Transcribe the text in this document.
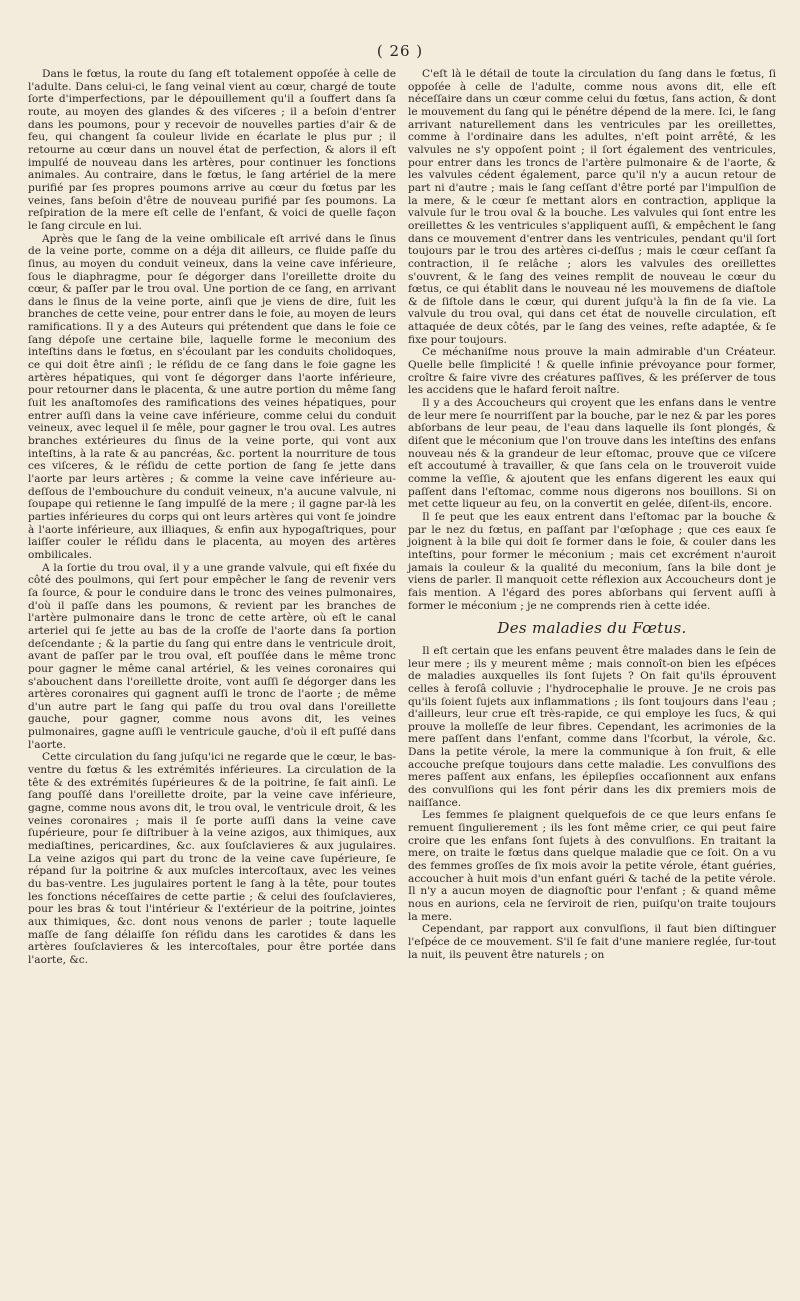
( 26 )

Dans le fœtus, la route du ſang eſt totalement oppoſée à celle de l'adulte. Dans celui-ci, le ſang veinal vient au cœur, chargé de toute ſorte d'imperfections, par le dépouillement qu'il a ſouffert dans ſa route, au moyen des glandes & des viſceres ; il a beſoin d'entrer dans les poumons, pour y recevoir de nouvelles parties d'air & de feu, qui changent ſa couleur livide en écarlate le plus pur ; il retourne au cœur dans un nouvel état de perfection, & alors il eſt impulſé de nouveau dans les artères, pour continuer les fonctions animales. Au contraire, dans le fœtus, le ſang artériel de la mere purifié par ſes propres poumons arrive au cœur du fœtus par les veines, ſans beſoin d'être de nouveau purifié par ſes poumons. La reſpiration de la mere eſt celle de l'enfant, & voici de quelle façon le ſang circule en lui.

Après que le ſang de la veine ombilicale eſt arrivé dans le ſinus de la veine porte, comme on a déja dit ailleurs, ce fluide paſſe du ſinus, au moyen du conduit veineux, dans la veine cave inférieure, ſous le diaphragme, pour ſe dégorger dans l'oreillette droite du cœur, & paſſer par le trou oval. Une portion de ce ſang, en arrivant dans le ſinus de la veine porte, ainſi que je viens de dire, ſuit les branches de cette veine, pour entrer dans le foie, au moyen de leurs ramifications. Il y a des Auteurs qui prétendent que dans le foie ce ſang dépoſe une certaine bile, laquelle forme le meconium des inteſtins dans le fœtus, en s'écoulant par les conduits cholidoques, ce qui doit être ainſi ; le réſidu de ce ſang dans le foie gagne les artères hépatiques, qui vont ſe dégorger dans l'aorte inférieure, pour retourner dans le placenta, & une autre portion du même ſang ſuit les anaſtomoſes des ramifications des veines hépatiques, pour entrer auſſi dans la veine cave inférieure, comme celui du conduit veineux, avec lequel il ſe mêle, pour gagner le trou oval. Les autres branches extérieures du ſinus de la veine porte, qui vont aux inteſtins, à la rate & au pancréas, &c. portent la nourriture de tous ces viſceres, & le réſidu de cette portion de ſang ſe jette dans l'aorte par leurs artères ; & comme la veine cave inférieure au-deſſous de l'embouchure du conduit veineux, n'a aucune valvule, ni ſoupape qui retienne le ſang impulſé de la mere ; il gagne par-là les parties inférieures du corps qui ont leurs artères qui vont ſe joindre à l'aorte inférieure, aux illiaques, & enfin aux hypogaſtriques, pour laiſſer couler le réſidu dans le placenta, au moyen des artères ombilicales.

A la ſortie du trou oval, il y a une grande valvule, qui eſt fixée du côté des poulmons, qui ſert pour empêcher le ſang de revenir vers ſa ſource, & pour le conduire dans le tronc des veines pulmonaires, d'où il paſſe dans les poumons, & revient par les branches de l'artère pulmonaire dans le tronc de cette artère, où eſt le canal arteriel qui ſe jette au bas de la croſſe de l'aorte dans ſa portion deſcendante ; & la partie du ſang qui entre dans le ventricule droit, avant de paſſer par le trou oval, eſt pouſſée dans le même tronc pour gagner le même canal artériel, & les veines coronaires qui s'abouchent dans l'oreillette droite, vont auſſi ſe dégorger dans les artères coronaires qui gagnent auſſi le tronc de l'aorte ; de même d'un autre part le ſang qui paſſe du trou oval dans l'oreillette gauche, pour gagner, comme nous avons dit, les veines pulmonaires, gagne auſſi le ventricule gauche, d'où il eſt puſſé dans l'aorte.

Cette circulation du ſang juſqu'ici ne regarde que le cœur, le bas-ventre du fœtus & les extrémités inférieures. La circulation de la tête & des extrémités ſupérieures & de la poitrine, ſe fait ainſi. Le ſang pouſſé dans l'oreillette droite, par la veine cave inférieure, gagne, comme nous avons dit, le trou oval, le ventricule droit, & les veines coronaires ; mais il ſe porte auſſi dans la veine cave ſupérieure, pour ſe diſtribuer à la veine azigos, aux thimiques, aux mediaſtines, pericardines, &c. aux ſouſclavieres & aux jugulaires. La veine azigos qui part du tronc de la veine cave ſupérieure, ſe répand ſur la poitrine & aux muſcles intercoſtaux, avec les veines du bas-ventre. Les jugulaires portent le ſang à la tête, pour toutes les fonctions néceſſaires de cette partie ; & celui des ſouſclavieres, pour les bras & tout l'intérieur & l'extérieur de la poitrine, jointes aux thimiques, &c. dont nous venons de parler ; toute laquelle maſſe de ſang délaiſſe ſon réſidu dans les carotides & dans les artères ſouſclavieres & les intercoſtales, pour être portée dans l'aorte, &c.

C'eſt là le détail de toute la circulation du ſang dans le fœtus, ſi oppoſée à celle de l'adulte, comme nous avons dit, elle eſt néceſſaire dans un cœur comme celui du fœtus, ſans action, & dont le mouvement du ſang qui le pénétre dépend de la mere. Ici, le ſang arrivant naturellement dans les ventricules par les oreillettes, comme à l'ordinaire dans les adultes, n'eſt point arrêté, & les valvules ne s'y oppoſent point ; il ſort également des ventricules, pour entrer dans les troncs de l'artère pulmonaire & de l'aorte, & les valvules cédent également, parce qu'il n'y a aucun retour de part ni d'autre ; mais le ſang ceſſant d'être porté par l'impulſion de la mere, & le cœur ſe mettant alors en contraction, applique la valvule ſur le trou oval & la bouche. Les valvules qui ſont entre les oreillettes & les ventricules s'appliquent auſſi, & empêchent le ſang dans ce mouvement d'entrer dans les ventricules, pendant qu'il ſort toujours par le trou des artères ci-deſſus ; mais le cœur ceſſant ſa contraction, il ſe relâche ; alors les valvules des oreillettes s'ouvrent, & le ſang des veines remplit de nouveau le cœur du fœtus, ce qui établit dans le nouveau né les mouvemens de diaſtole & de ſiſtole dans le cœur, qui durent juſqu'à la fin de ſa vie. La valvule du trou oval, qui dans cet état de nouvelle circulation, eſt attaquée de deux côtés, par le ſang des veines, reſte adaptée, & ſe fixe pour toujours.

Ce méchaniſme nous prouve la main admirable d'un Créateur. Quelle belle ſimplicité ! & quelle infinie prévoyance pour former, croître & faire vivre des créatures paſſives, & les préſerver de tous les accidens que le hafard feroit naître.

Il y a des Accoucheurs qui croyent que les enfans dans le ventre de leur mere ſe nourriſſent par la bouche, par le nez & par les pores abſorbans de leur peau, de l'eau dans laquelle ils ſont plongés, & diſent que le méconium que l'on trouve dans les inteſtins des enfans nouveau nés & la grandeur de leur eſtomac, prouve que ce viſcere eſt accoutumé à travailler, & que ſans cela on le trouveroit vuide comme la veſſie, & ajoutent que les enfans digerent les eaux qui paſſent dans l'eſtomac, comme nous digerons nos bouillons. Si on met cette liqueur au feu, on la convertit en gelée, diſent-ils, encore.

Il ſe peut que les eaux entrent dans l'eſtomac par la bouche & par le nez du fœtus, en paſſant par l'œſophage ; que ces eaux ſe joignent à la bile qui doit ſe former dans le foie, & couler dans les inteſtins, pour former le méconium ; mais cet excrément n'auroit jamais la couleur & la qualité du meconium, ſans la bile dont je viens de parler. Il manquoit cette réflexion aux Accoucheurs dont je fais mention. A l'égard des pores abſorbans qui ſervent auſſi à former le méconium ; je ne comprends rien à cette idée.

Des maladies du Fœtus.

Il eſt certain que les enfans peuvent être malades dans le ſein de leur mere ; ils y meurent même ; mais connoît-on bien les eſpéces de maladies auxquelles ils ſont ſujets ? On fait qu'ils éprouvent celles à feroſâ colluvie ; l'hydrocephalie le prouve. Je ne crois pas qu'ils ſoient ſujets aux inflammations ; ils ſont toujours dans l'eau ; d'ailleurs, leur crue eſt très-rapide, ce qui employe les ſucs, & qui prouve la molleſſe de leur fibres. Cependant, les acrimonies de la mere paſſent dans l'enfant, comme dans l'ſcorbut, la vérole, &c. Dans la petite vérole, la mere la communique à ſon fruit, & elle accouche preſque toujours dans cette maladie. Les convulſions des meres paſſent aux enfans, les épilepſies occaſionnent aux enfans des convulſions qui les font périr dans les dix premiers mois de naiſſance.

Les femmes ſe plaignent quelquefois de ce que leurs enfans ſe remuent ſingulierement ; ils les font même crier, ce qui peut faire croire que les enfans ſont ſujets à des convulſions. En traitant la mere, on traite le fœtus dans quelque maladie que ce ſoit. On a vu des femmes groſſes de ſix mois avoir la petite vérole, étant guéries, accoucher à huit mois d'un enfant guéri & taché de la petite vérole. Il n'y a aucun moyen de diagnoſtic pour l'enfant ; & quand même nous en aurions, cela ne ſerviroit de rien, puiſqu'on traite toujours la mere.

Cependant, par rapport aux convulſions, il faut bien diſtinguer l'eſpéce de ce mouvement. S'il ſe fait d'une maniere reglée, ſur-tout la nuit, ils peuvent être naturels ; on
